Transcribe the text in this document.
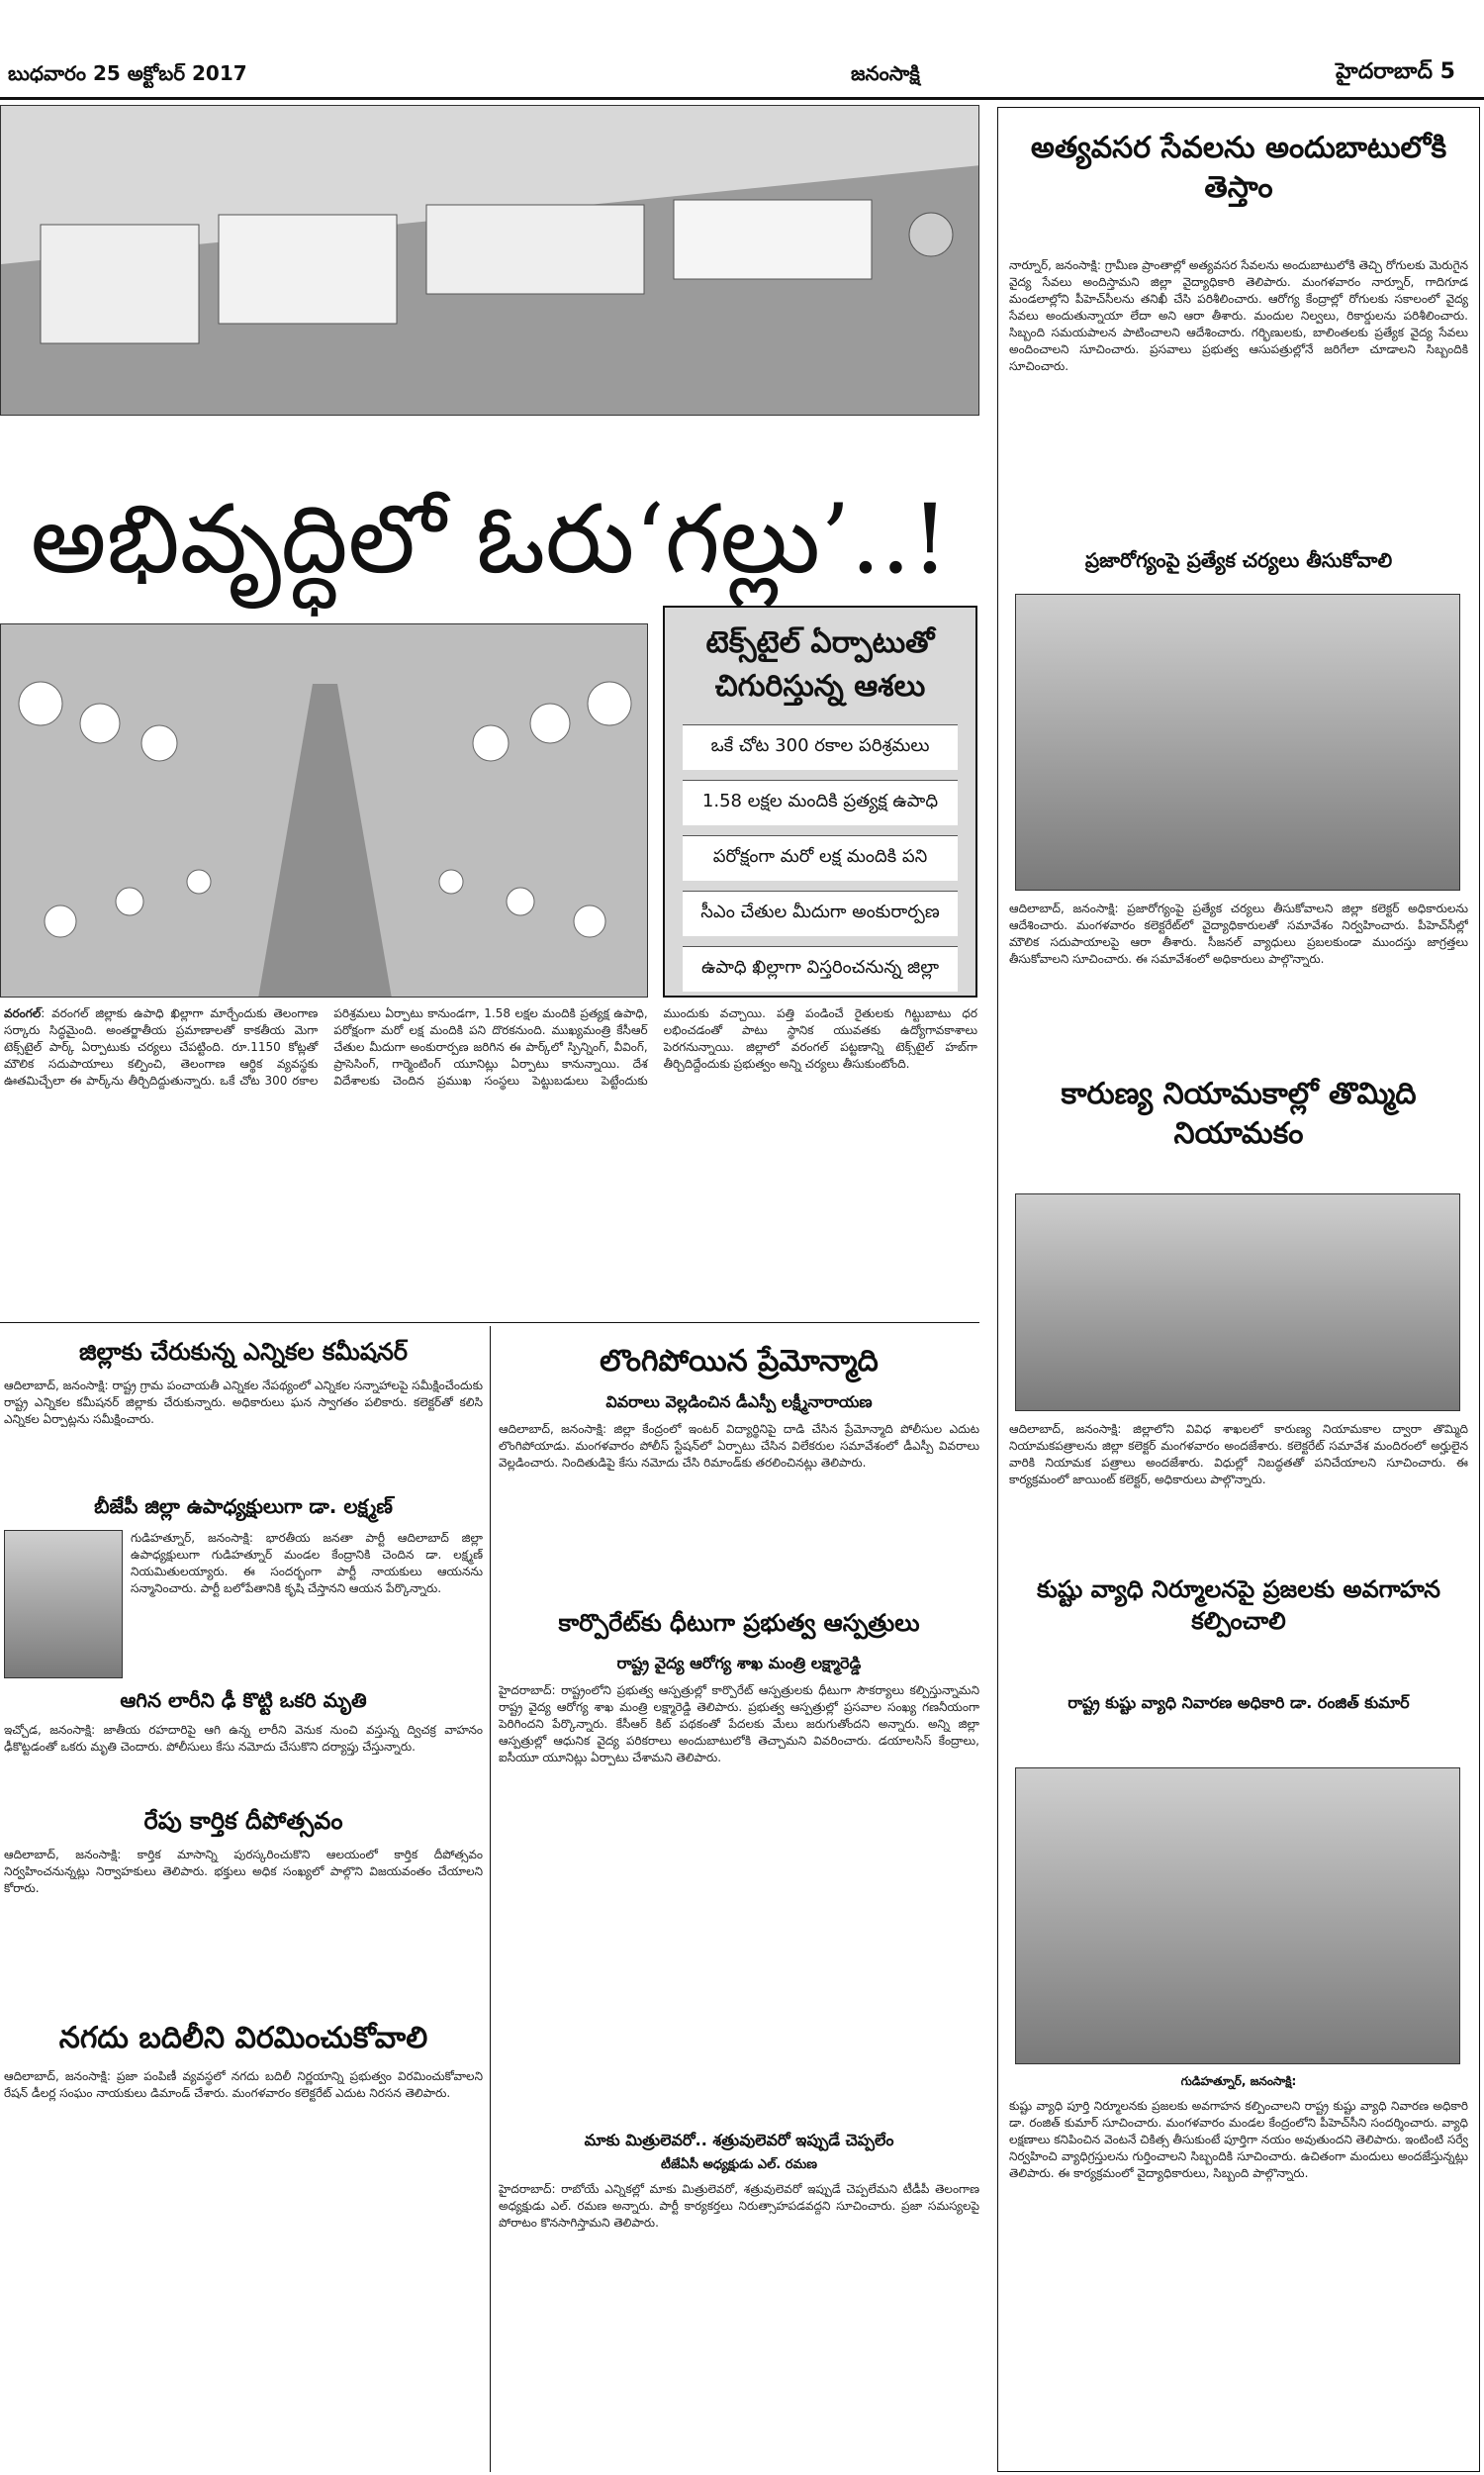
బుధవారం 25 అక్టోబర్ 2017	జనంసాక్షి	హైదరాబాద్ 5
అభివృద్ధిలో ఓరు‘గల్లు’..!
టెక్స్‌టైల్ ఏర్పాటుతో చిగురిస్తున్న ఆశలు
ఒకే చోట 300 రకాల పరిశ్రమలు
1.58 లక్షల మందికి ప్రత్యక్ష ఉపాధి
పరోక్షంగా మరో లక్ష మందికి పని
సీఎం చేతుల మీదుగా అంకురార్పణ
ఉపాధి ఖిల్లాగా విస్తరించనున్న జిల్లా
వరంగల్: వరంగల్ జిల్లాకు ఉపాధి ఖిల్లాగా మార్చేందుకు తెలంగాణ సర్కారు సిద్ధమైంది. అంతర్జాతీయ ప్రమాణాలతో కాకతీయ మెగా టెక్స్‌టైల్ పార్క్ ఏర్పాటుకు చర్యలు చేపట్టింది. రూ.1150 కోట్లతో మౌలిక సదుపాయాలు కల్పించి, తెలంగాణ ఆర్థిక వ్యవస్థకు ఊతమిచ్చేలా ఈ పార్క్‌ను తీర్చిదిద్దుతున్నారు. ఒకే చోట 300 రకాల పరిశ్రమలు ఏర్పాటు కానుండగా, 1.58 లక్షల మందికి ప్రత్యక్ష ఉపాధి, పరోక్షంగా మరో లక్ష మందికి పని దొరకనుంది. ముఖ్యమంత్రి కేసీఆర్ చేతుల మీదుగా అంకురార్పణ జరిగిన ఈ పార్క్‌లో స్పిన్నింగ్, వీవింగ్, ప్రాసెసింగ్, గార్మెంటింగ్ యూనిట్లు ఏర్పాటు కానున్నాయి. దేశ విదేశాలకు చెందిన ప్రముఖ సంస్థలు పెట్టుబడులు పెట్టేందుకు ముందుకు వచ్చాయి. పత్తి పండించే రైతులకు గిట్టుబాటు ధర లభించడంతో పాటు స్థానిక యువతకు ఉద్యోగావకాశాలు పెరగనున్నాయి. జిల్లాలో వరంగల్ పట్టణాన్ని టెక్స్‌టైల్ హబ్‌గా తీర్చిదిద్దేందుకు ప్రభుత్వం అన్ని చర్యలు తీసుకుంటోంది.
అత్యవసర సేవలను అందుబాటులోకి తెస్తాం
నార్నూర్, జనంసాక్షి: గ్రామీణ ప్రాంతాల్లో అత్యవసర సేవలను అందుబాటులోకి తెచ్చి రోగులకు మెరుగైన వైద్య సేవలు అందిస్తామని జిల్లా వైద్యాధికారి తెలిపారు. మంగళవారం నార్నూర్, గాదిగూడ మండలాల్లోని పీహెచ్‌సీలను తనిఖీ చేసి పరిశీలించారు. ఆరోగ్య కేంద్రాల్లో రోగులకు సకాలంలో వైద్య సేవలు అందుతున్నాయా లేదా అని ఆరా తీశారు. మందుల నిల్వలు, రికార్డులను పరిశీలించారు. సిబ్బంది సమయపాలన పాటించాలని ఆదేశించారు. గర్భిణులకు, బాలింతలకు ప్రత్యేక వైద్య సేవలు అందించాలని సూచించారు. ప్రసవాలు ప్రభుత్వ ఆసుపత్రుల్లోనే జరిగేలా చూడాలని సిబ్బందికి సూచించారు.
ప్రజారోగ్యంపై ప్రత్యేక చర్యలు తీసుకోవాలి
ఆదిలాబాద్, జనంసాక్షి: ప్రజారోగ్యంపై ప్రత్యేక చర్యలు తీసుకోవాలని జిల్లా కలెక్టర్ అధికారులను ఆదేశించారు. మంగళవారం కలెక్టరేట్‌లో వైద్యాధికారులతో సమావేశం నిర్వహించారు. పీహెచ్‌సీల్లో మౌలిక సదుపాయాలపై ఆరా తీశారు. సీజనల్ వ్యాధులు ప్రబలకుండా ముందస్తు జాగ్రత్తలు తీసుకోవాలని సూచించారు. ఈ సమావేశంలో అధికారులు పాల్గొన్నారు.
కారుణ్య నియామకాల్లో తొమ్మిది నియామకం
ఆదిలాబాద్, జనంసాక్షి: జిల్లాలోని వివిధ శాఖలలో కారుణ్య నియామకాల ద్వారా తొమ్మిది నియామకపత్రాలను జిల్లా కలెక్టర్ మంగళవారం అందజేశారు. కలెక్టరేట్ సమావేశ మందిరంలో అర్హులైన వారికి నియామక పత్రాలు అందజేశారు. విధుల్లో నిబద్ధతతో పనిచేయాలని సూచించారు. ఈ కార్యక్రమంలో జాయింట్ కలెక్టర్, అధికారులు పాల్గొన్నారు.
కుష్టు వ్యాధి నిర్మూలనపై ప్రజలకు అవగాహన కల్పించాలి
రాష్ట్ర కుష్టు వ్యాధి నివారణ అధికారి డా. రంజిత్ కుమార్
గుడిహత్నూర్, జనంసాక్షి:
కుష్టు వ్యాధి పూర్తి నిర్మూలనకు ప్రజలకు అవగాహన కల్పించాలని రాష్ట్ర కుష్టు వ్యాధి నివారణ అధికారి డా. రంజిత్ కుమార్ సూచించారు. మంగళవారం మండల కేంద్రంలోని పీహెచ్‌సీని సందర్శించారు. వ్యాధి లక్షణాలు కనిపించిన వెంటనే చికిత్స తీసుకుంటే పూర్తిగా నయం అవుతుందని తెలిపారు. ఇంటింటి సర్వే నిర్వహించి వ్యాధిగ్రస్తులను గుర్తించాలని సిబ్బందికి సూచించారు. ఉచితంగా మందులు అందజేస్తున్నట్లు తెలిపారు. ఈ కార్యక్రమంలో వైద్యాధికారులు, సిబ్బంది పాల్గొన్నారు.
జిల్లాకు చేరుకున్న ఎన్నికల కమీషనర్
ఆదిలాబాద్, జనంసాక్షి: రాష్ట్ర గ్రామ పంచాయతీ ఎన్నికల నేపథ్యంలో ఎన్నికల సన్నాహాలపై సమీక్షించేందుకు రాష్ట్ర ఎన్నికల కమీషనర్ జిల్లాకు చేరుకున్నారు. అధికారులు ఘన స్వాగతం పలికారు. కలెక్టర్‌తో కలిసి ఎన్నికల ఏర్పాట్లను సమీక్షించారు.
బీజేపీ జిల్లా ఉపాధ్యక్షులుగా డా. లక్ష్మణ్
గుడిహత్నూర్, జనంసాక్షి: భారతీయ జనతా పార్టీ ఆదిలాబాద్ జిల్లా ఉపాధ్యక్షులుగా గుడిహత్నూర్ మండల కేంద్రానికి చెందిన డా. లక్ష్మణ్ నియమితులయ్యారు. ఈ సందర్భంగా పార్టీ నాయకులు ఆయనను సన్మానించారు. పార్టీ బలోపేతానికి కృషి చేస్తానని ఆయన పేర్కొన్నారు.
ఆగిన లారీని ఢీ కొట్టి ఒకరి మృతి
ఇచ్చోడ, జనంసాక్షి: జాతీయ రహదారిపై ఆగి ఉన్న లారీని వెనుక నుంచి వస్తున్న ద్విచక్ర వాహనం ఢీకొట్టడంతో ఒకరు మృతి చెందారు. పోలీసులు కేసు నమోదు చేసుకొని దర్యాప్తు చేస్తున్నారు.
రేపు కార్తిక దీపోత్సవం
ఆదిలాబాద్, జనంసాక్షి: కార్తిక మాసాన్ని పురస్కరించుకొని ఆలయంలో కార్తిక దీపోత్సవం నిర్వహించనున్నట్లు నిర్వాహకులు తెలిపారు. భక్తులు అధిక సంఖ్యలో పాల్గొని విజయవంతం చేయాలని కోరారు.
నగదు బదిలీని విరమించుకోవాలి
ఆదిలాబాద్, జనంసాక్షి: ప్రజా పంపిణీ వ్యవస్థలో నగదు బదిలీ నిర్ణయాన్ని ప్రభుత్వం విరమించుకోవాలని రేషన్ డీలర్ల సంఘం నాయకులు డిమాండ్ చేశారు. మంగళవారం కలెక్టరేట్ ఎదుట నిరసన తెలిపారు.
లొంగిపోయిన ప్రేమోన్మాది
వివరాలు వెల్లడించిన డీఎస్పీ లక్ష్మీనారాయణ
ఆదిలాబాద్, జనంసాక్షి: జిల్లా కేంద్రంలో ఇంటర్ విద్యార్థినిపై దాడి చేసిన ప్రేమోన్మాది పోలీసుల ఎదుట లొంగిపోయాడు. మంగళవారం పోలీస్ స్టేషన్‌లో ఏర్పాటు చేసిన విలేకరుల సమావేశంలో డీఎస్పీ వివరాలు వెల్లడించారు. నిందితుడిపై కేసు నమోదు చేసి రిమాండ్‌కు తరలించినట్లు తెలిపారు.
కార్పొరేట్‌కు ధీటుగా ప్రభుత్వ ఆస్పత్రులు
రాష్ట్ర వైద్య ఆరోగ్య శాఖ మంత్రి లక్ష్మారెడ్డి
హైదరాబాద్: రాష్ట్రంలోని ప్రభుత్వ ఆస్పత్రుల్లో కార్పొరేట్ ఆస్పత్రులకు ధీటుగా సౌకర్యాలు కల్పిస్తున్నామని రాష్ట్ర వైద్య ఆరోగ్య శాఖ మంత్రి లక్ష్మారెడ్డి తెలిపారు. ప్రభుత్వ ఆస్పత్రుల్లో ప్రసవాల సంఖ్య గణనీయంగా పెరిగిందని పేర్కొన్నారు. కేసీఆర్ కిట్ పథకంతో పేదలకు మేలు జరుగుతోందని అన్నారు. అన్ని జిల్లా ఆస్పత్రుల్లో ఆధునిక వైద్య పరికరాలు అందుబాటులోకి తెచ్చామని వివరించారు. డయాలసిస్ కేంద్రాలు, ఐసీయూ యూనిట్లు ఏర్పాటు చేశామని తెలిపారు.
మాకు మిత్రులెవరో.. శత్రువులెవరో ఇప్పుడే చెప్పలేం
టీజేఏసీ అధ్యక్షుడు ఎల్. రమణ
హైదరాబాద్: రాబోయే ఎన్నికల్లో మాకు మిత్రులెవరో, శత్రువులెవరో ఇప్పుడే చెప్పలేమని టీడీపీ తెలంగాణ అధ్యక్షుడు ఎల్. రమణ అన్నారు. పార్టీ కార్యకర్తలు నిరుత్సాహపడవద్దని సూచించారు. ప్రజా సమస్యలపై పోరాటం కొనసాగిస్తామని తెలిపారు.
